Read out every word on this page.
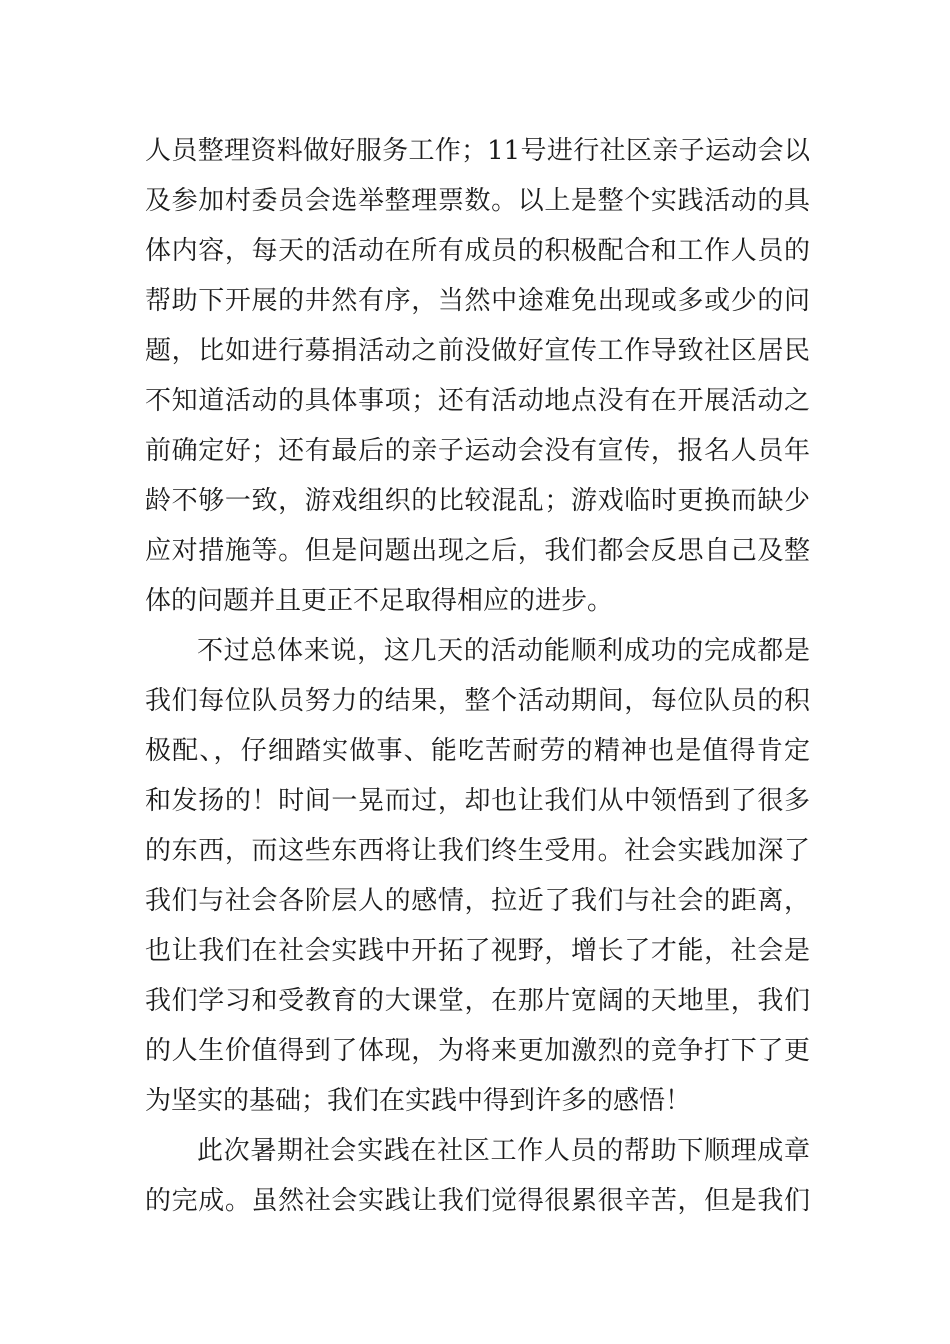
人员整理资料做好服务工作；11号进行社区亲子运动会以
及参加村委员会选举整理票数。以上是整个实践活动的具
体内容，每天的活动在所有成员的积极配合和工作人员的
帮助下开展的井然有序，当然中途难免出现或多或少的问
题，比如进行募捐活动之前没做好宣传工作导致社区居民
不知道活动的具体事项；还有活动地点没有在开展活动之
前确定好；还有最后的亲子运动会没有宣传，报名人员年
龄不够一致，游戏组织的比较混乱；游戏临时更换而缺少
应对措施等。但是问题出现之后，我们都会反思自己及整
体的问题并且更正不足取得相应的进步。
不过总体来说，这几天的活动能顺利成功的完成都是
我们每位队员努力的结果，整个活动期间，每位队员的积
极配、，仔细踏实做事、能吃苦耐劳的精神也是值得肯定
和发扬的！时间一晃而过，却也让我们从中领悟到了很多
的东西，而这些东西将让我们终生受用。社会实践加深了
我们与社会各阶层人的感情，拉近了我们与社会的距离，
也让我们在社会实践中开拓了视野，增长了才能，社会是
我们学习和受教育的大课堂，在那片宽阔的天地里，我们
的人生价值得到了体现，为将来更加激烈的竞争打下了更
为坚实的基础；我们在实践中得到许多的感悟！
此次暑期社会实践在社区工作人员的帮助下顺理成章
的完成。虽然社会实践让我们觉得很累很辛苦，但是我们
